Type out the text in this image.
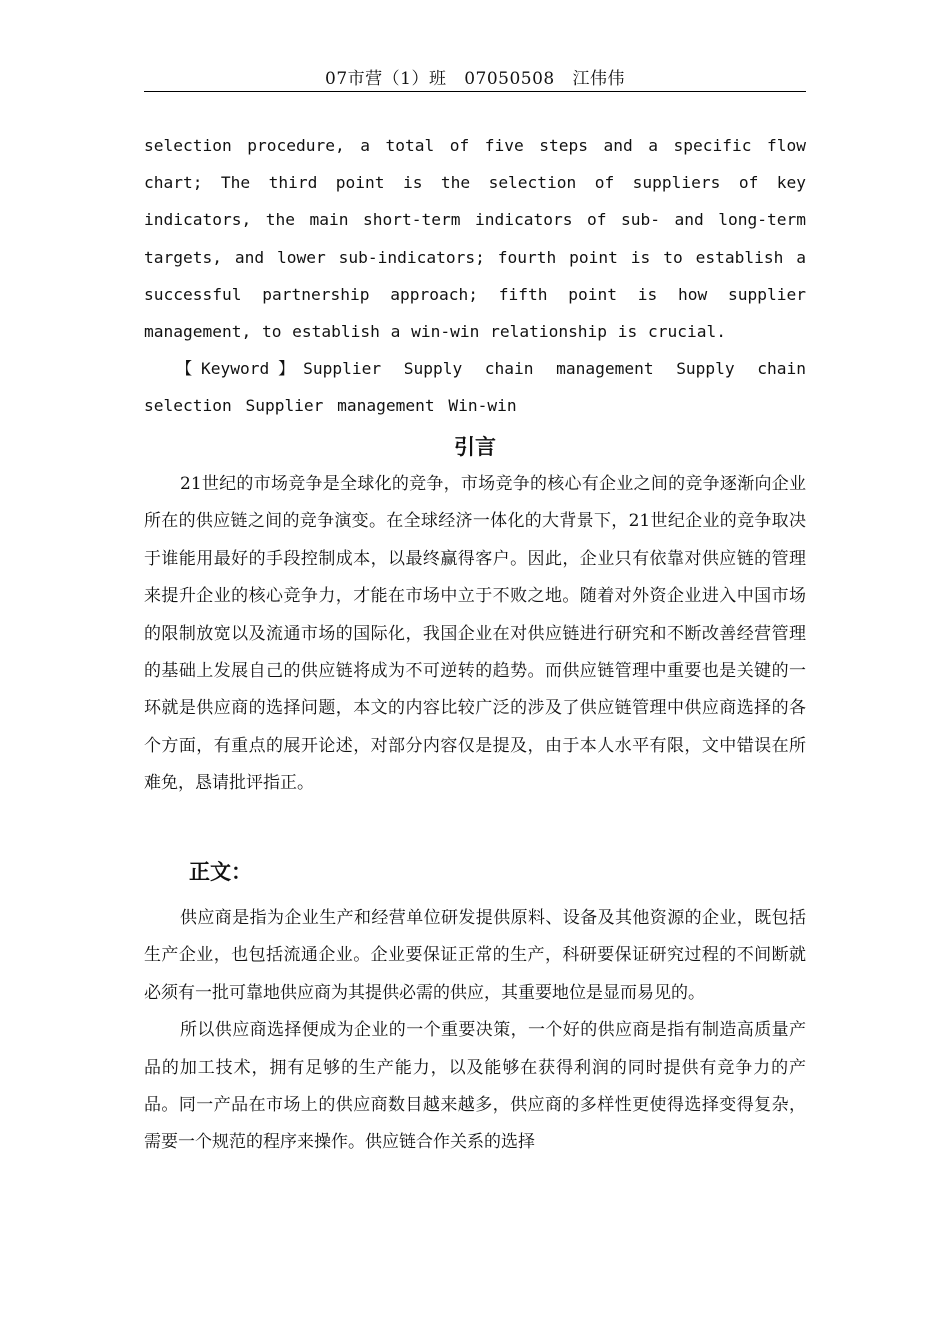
07市营（1）班   07050508   江伟伟

selection procedure, a total of five steps and a specific flow chart; The third point is the selection of suppliers of key indicators, the main short-term indicators of sub- and long-term targets, and lower sub-indicators; fourth point is to establish a successful partnership approach; fifth point is how supplier management, to establish a win-win relationship is crucial.

【Keyword】Supplier Supply chain management Supply chain selection Supplier management Win-win

引言

21世纪的市场竞争是全球化的竞争，市场竞争的核心有企业之间的竞争逐渐向企业所在的供应链之间的竞争演变。在全球经济一体化的大背景下，21世纪企业的竞争取决于谁能用最好的手段控制成本，以最终赢得客户。因此，企业只有依靠对供应链的管理来提升企业的核心竞争力，才能在市场中立于不败之地。随着对外资企业进入中国市场的限制放宽以及流通市场的国际化，我国企业在对供应链进行研究和不断改善经营管理的基础上发展自己的供应链将成为不可逆转的趋势。而供应链管理中重要也是关键的一环就是供应商的选择问题，本文的内容比较广泛的涉及了供应链管理中供应商选择的各个方面，有重点的展开论述，对部分内容仅是提及，由于本人水平有限，文中错误在所难免，恳请批评指正。

正文：

供应商是指为企业生产和经营单位研发提供原料、设备及其他资源的企业，既包括生产企业，也包括流通企业。企业要保证正常的生产，科研要保证研究过程的不间断就必须有一批可靠地供应商为其提供必需的供应，其重要地位是显而易见的。

所以供应商选择便成为企业的一个重要决策，一个好的供应商是指有制造高质量产品的加工技术，拥有足够的生产能力，以及能够在获得利润的同时提供有竞争力的产品。同一产品在市场上的供应商数目越来越多，供应商的多样性更使得选择变得复杂，需要一个规范的程序来操作。供应链合作关系的选择
